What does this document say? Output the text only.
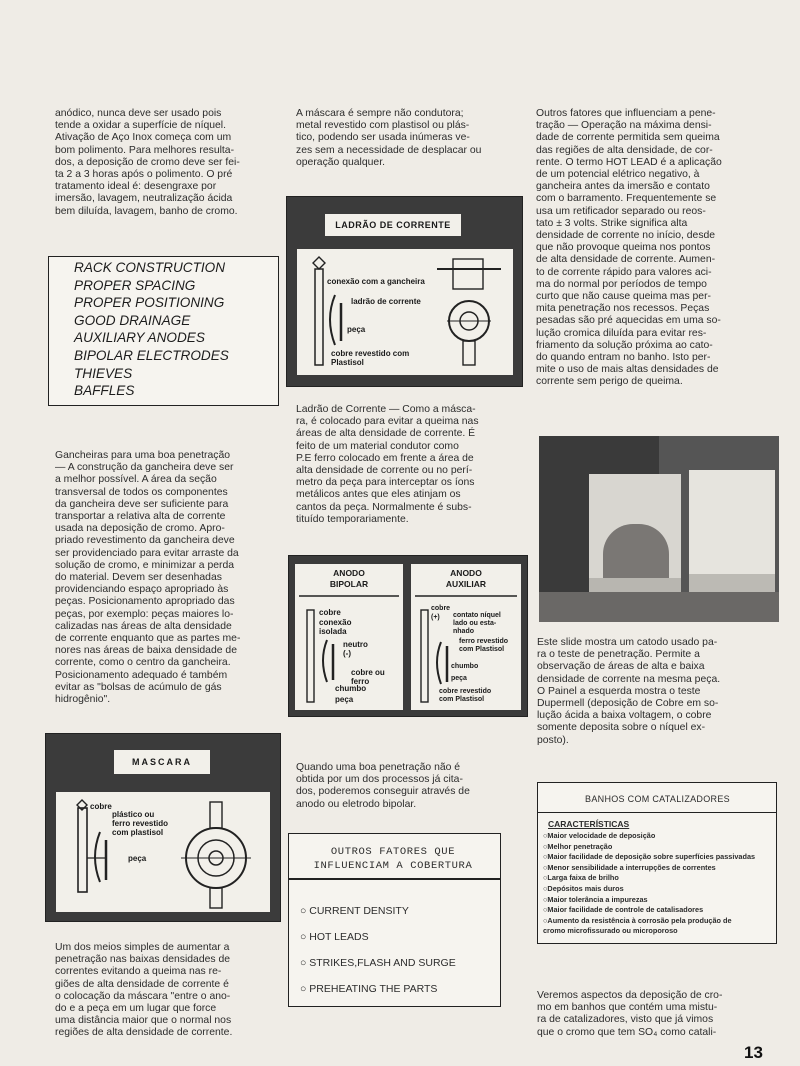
anódico, nunca deve ser usado pois
tende a oxidar a superfície de níquel.
Ativação de Aço Inox começa com um
bom polimento. Para melhores resulta-
dos, a deposição de cromo deve ser fei-
ta 2 a 3 horas após o polimento. O pré
tratamento ideal é: desengraxe por
imersão, lavagem, neutralização ácida
bem diluída, lavagem, banho de cromo.

RACK CONSTRUCTION
PROPER SPACING
PROPER POSITIONING
GOOD DRAINAGE
AUXILIARY ANODES
BIPOLAR ELECTRODES
THIEVES
BAFFLES

Gancheiras para uma boa penetração
— A construção da gancheira deve ser
a melhor possível. A área da seção
transversal de todos os componentes
da gancheira deve ser suficiente para
transportar a relativa alta de corrente
usada na deposição de cromo. Apro-
priado revestimento da gancheira deve
ser providenciado para evitar arraste da
solução de cromo, e minimizar a perda
do material. Devem ser desenhadas
providenciando espaço apropriado às
peças. Posicionamento apropriado das
peças, por exemplo: peças maiores lo-
calizadas nas áreas de alta densidade
de corrente enquanto que as partes me-
nores nas áreas de baixa densidade de
corrente, como o centro da gancheira.
Posicionamento adequado é também
evitar as "bolsas de acúmulo de gás
hidrogênio".

MASCARA
cobre
plástico ou
ferro revestido
com plastisol
peça

Um dos meios simples de aumentar a
penetração nas baixas densidades de
correntes evitando a queima nas re-
giões de alta densidade de corrente é
o colocação da máscara "entre o ano-
do e a peça em um lugar que force
uma distância maior que o normal nos
regiões de alta densidade de corrente.

A máscara é sempre não condutora;
metal revestido com plastisol ou plás-
tico, podendo ser usada inúmeras ve-
zes sem a necessidade de desplacar ou
operação qualquer.

LADRÃO DE CORRENTE
conexão com a gancheira
ladrão de corrente
peça
cobre revestido com
Plastisol

Ladrão de Corrente — Como a másca-
ra, é colocado para evitar a queima nas
áreas de alta densidade de corrente. É
feito de um material condutor como
P.E ferro colocado em frente a área de
alta densidade de corrente ou no perí-
metro da peça para interceptar os íons
metálicos antes que eles atinjam os
cantos da peça. Normalmente é subs-
tituído temporariamente.

ANODO
BIPOLAR
cobre
conexão
isolada
neutro
(-)
cobre ou
ferro
chumbo
peça
ANODO
AUXILIAR
cobre
(+)	contato níquel
lado ou esta-
nhado
ferro revestido
com Plastisol
chumbo
peça
cobre revestido
com Plastisol

Quando uma boa penetração não é
obtida por um dos processos já cita-
dos, poderemos conseguir através de
anodo ou eletrodo bipolar.

OUTROS FATORES QUE
INFLUENCIAM A COBERTURA
○ CURRENT DENSITY
○ HOT LEADS
○ STRIKES,FLASH AND SURGE
○ PREHEATING THE PARTS

Outros fatores que influenciam a pene-
tração — Operação na máxima densi-
dade de corrente permitida sem queima
das regiões de alta densidade, de cor-
rente. O termo HOT LEAD é a aplicação
de um potencial elétrico negativo, à
gancheira antes da imersão e contato
com o barramento. Frequentemente se
usa um retificador separado ou reos-
tato ± 3 volts. Strike significa alta
densidade de corrente no início, desde
que não provoque queima nos pontos
de alta densidade de corrente. Aumen-
to de corrente rápido para valores aci-
ma do normal por períodos de tempo
curto que não cause queima mas per-
mita penetração nos recessos. Peças
pesadas são pré aquecidas em uma so-
lução cromica diluída para evitar res-
friamento da solução próxima ao cato-
do quando entram no banho. Isto per-
mite o uso de mais altas densidades de
corrente sem perigo de queima.

Este slide mostra um catodo usado pa-
ra o teste de penetração. Permite a
observação de áreas de alta e baixa
densidade de corrente na mesma peça.
O Painel a esquerda mostra o teste
Dupermell (deposição de Cobre em so-
lução ácida a baixa voltagem, o cobre
somente deposita sobre o níquel ex-
posto).

BANHOS COM CATALIZADORES
CARACTERÍSTICAS
○Maior velocidade de deposição
○Melhor penetração
○Maior facilidade de deposição sobre superfícies passivadas
○Menor sensibilidade a interrupções de correntes
○Larga faixa de brilho
○Depósitos mais duros
○Maior tolerância a impurezas
○Maior facilidade de controle de catalisadores
○Aumento da resistência à corrosão pela produção de
cromo microfissurado ou microporoso

Veremos aspectos da deposição de cro-
mo em banhos que contém uma mistu-
ra de catalizadores, visto que já vimos
que o cromo que tem SO₄ como catali-

13
